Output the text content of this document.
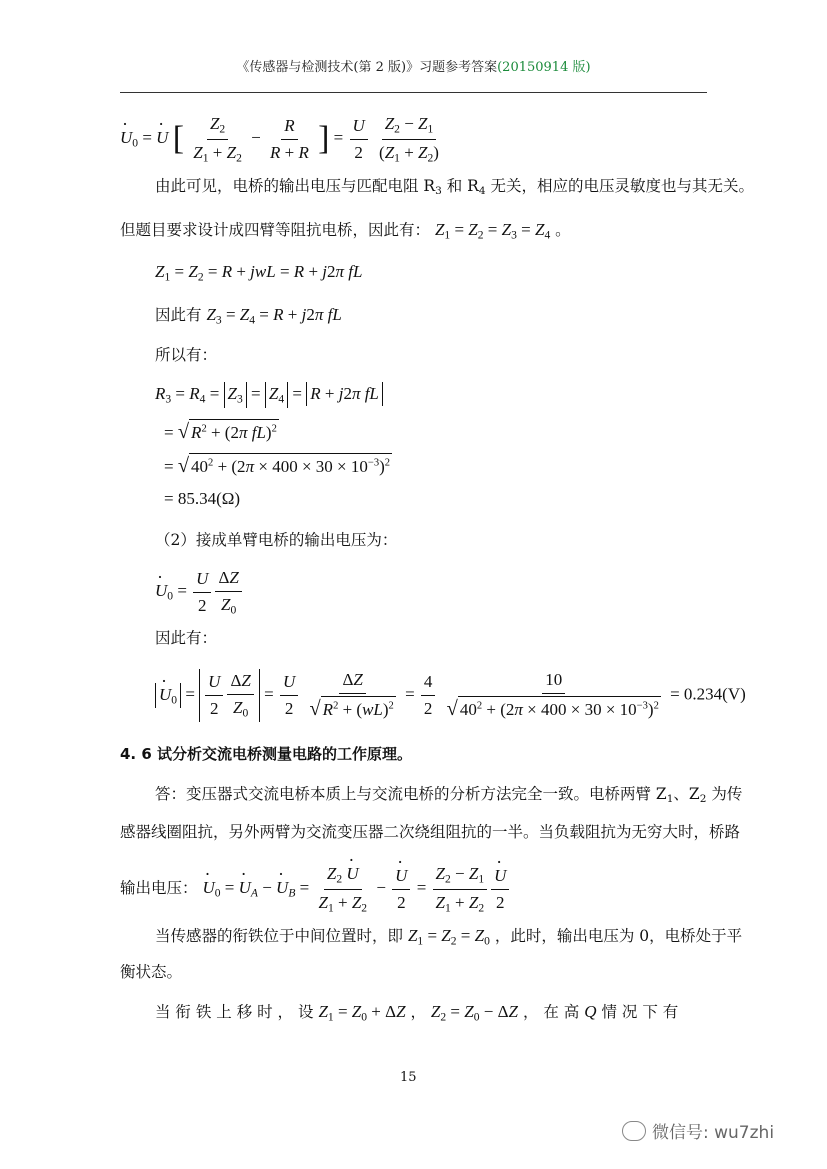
《传感器与检测技术(第 2 版)》习题参考答案(20150914 版)
· $U_0$ = · U [ $\frac{Z_2}{Z_1 + Z_2} - \frac{R}{R + R}$ ] = $\frac{U}{2}$
$\frac{Z_2 - Z_1}{(Z_1 + Z_2)}$
由此可见，电桥的输出电压与匹配电阻 $R_3$ 和 $R_4$ 无关，相应的电压灵敏度也与其无关。
但题目要求设计成四臂等阻抗电桥，因此有： $Z_1 = Z_2 = Z_3 = Z_4$ 。
$Z_1 = Z_2 = R$ + jwL = R + j2π fL
因此有 $Z_3 = Z_4 = R + j2\pi$ fL
所以有：
$R_3 = R_4 = Z_3 = Z_4 = R + j2\pi$ fL
= √ $R^2 + (2\pi$ fL)$^2$
= √ $40^2 + (2\pi \times 400 \times 30 \times 10^{-3})^2$
= 85.34(Ω)
（2）接成单臂电桥的输出电压为：
· $U_0 = \frac{U}{2} \frac{\Delta Z}{Z_0}$
因此有：
· $U_0 = \frac{U}{2} \frac{\Delta Z}{Z_0} = \frac{U}{2}$
$\frac{\Delta Z}{√ R^2 + (wL)^2} = \frac{4}{2}$
$\frac{10}{√ 40^2 + (2\pi \times 400 \times 30 \times 10^{-3})^2} = 0.234(V)$
4. 6 试分析交流电桥测量电路的工作原理。
答：变压器式交流电桥本质上与交流电桥的分析方法完全一致。电桥两臂 $Z_1$、$Z_2$ 为传
感器线圈阻抗，另外两臂为交流变压器二次绕组阻抗的一半。当负载阻抗为无穷大时，桥路
输出电压： · $U_0$ = · $U_A$ − · $U_B = \frac{Z_2 \cdot U}{Z_1 + Z_2}$ −
· $\frac{U}{2} = \frac{Z_2 - Z_1}{Z_1 + Z_2}$
· $\frac{U}{2}$
当传感器的衔铁位于中间位置时，即 $Z_1 = Z_2 = Z_0$ ，此时，输出电压为 0，电桥处于平
衡状态。
当 衔 铁 上 移 时 ， 设 $Z_1 = Z_0 + \Delta Z$ ， $Z_2 = Z_0 - \Delta Z$ ， 在 高 Q 情 况 下 有
15
微信号: wu7zhi
